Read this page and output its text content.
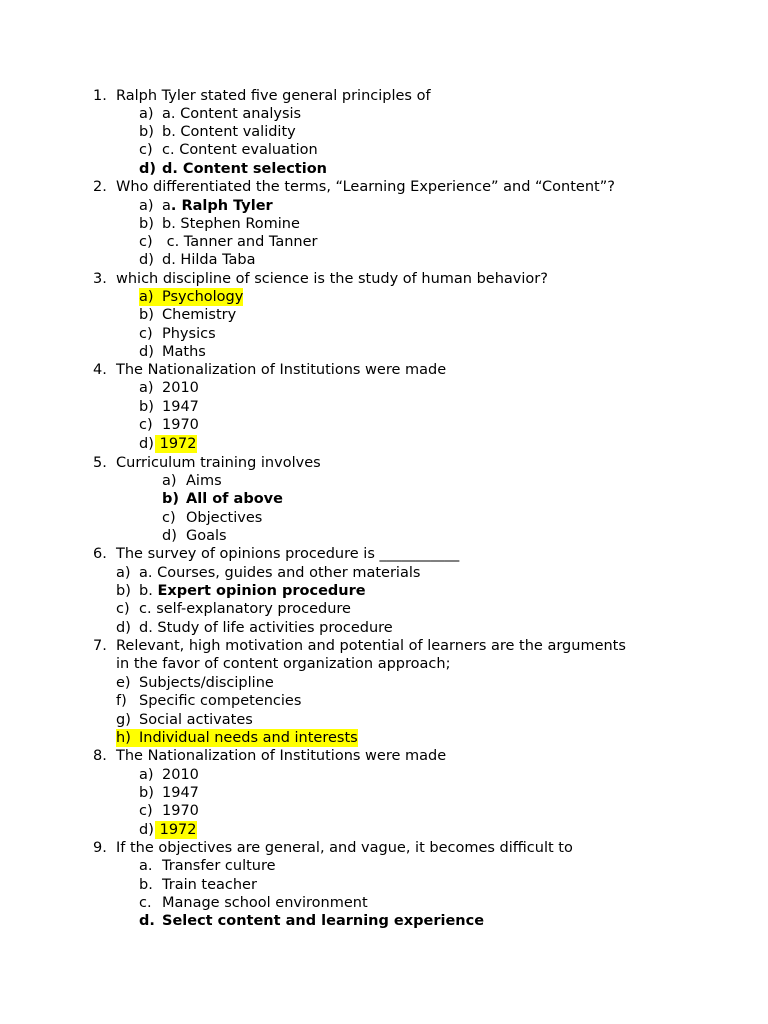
1. Ralph Tyler stated five general principles of
a) a. Content analysis
b) b. Content validity
c) c. Content evaluation
d) d. Content selection
2. Who differentiated the terms, “Learning Experience” and “Content”?
a) a. Ralph Tyler
b) b. Stephen Romine
c) c. Tanner and Tanner
d) d. Hilda Taba
3. which discipline of science is the study of human behavior?
a) Psychology
b) Chemistry
c) Physics
d) Maths
4. The Nationalization of Institutions were made
a) 2010
b) 1947
c) 1970
d) 1972
5. Curriculum training involves
a) Aims
b) All of above
c) Objectives
d) Goals
6. The survey of opinions procedure is ___________
a) a. Courses, guides and other materials
b) b. Expert opinion procedure
c) c. self-explanatory procedure
d) d. Study of life activities procedure
7. Relevant, high motivation and potential of learners are the arguments
in the favor of content organization approach;
e) Subjects/discipline
f) Specific competencies
g) Social activates
h) Individual needs and interests
8. The Nationalization of Institutions were made
a) 2010
b) 1947
c) 1970
d) 1972
9. If the objectives are general, and vague, it becomes difficult to
a. Transfer culture
b. Train teacher
c. Manage school environment
d. Select content and learning experience
